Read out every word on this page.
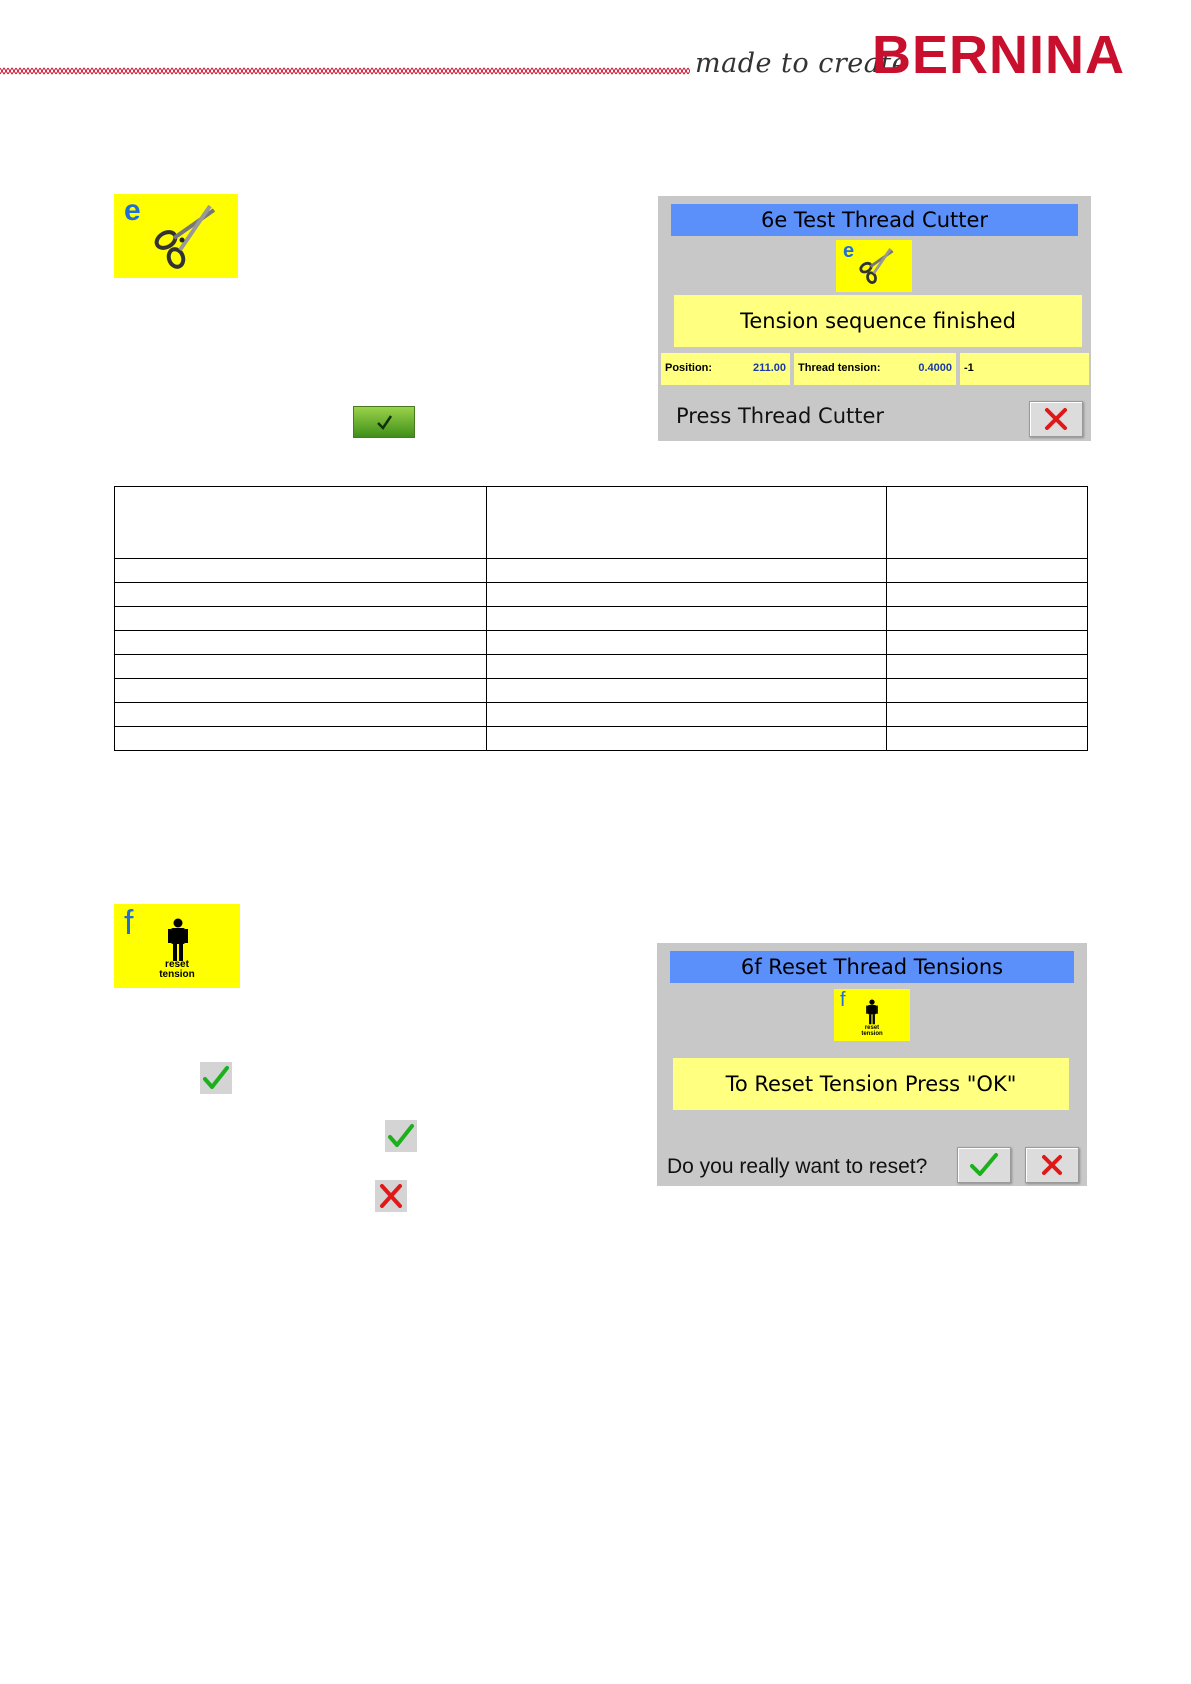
made to create
BERNINA
e	6e Test Thread Cutter
e
Tension sequence finished
Position:	211.00 Thread tension:	0.4000 -1
Press Thread Cutter

f
reset
tension	6f Reset Thread Tensions
f
reset
tension
To Reset Tension Press "OK"
Do you really want to reset?
